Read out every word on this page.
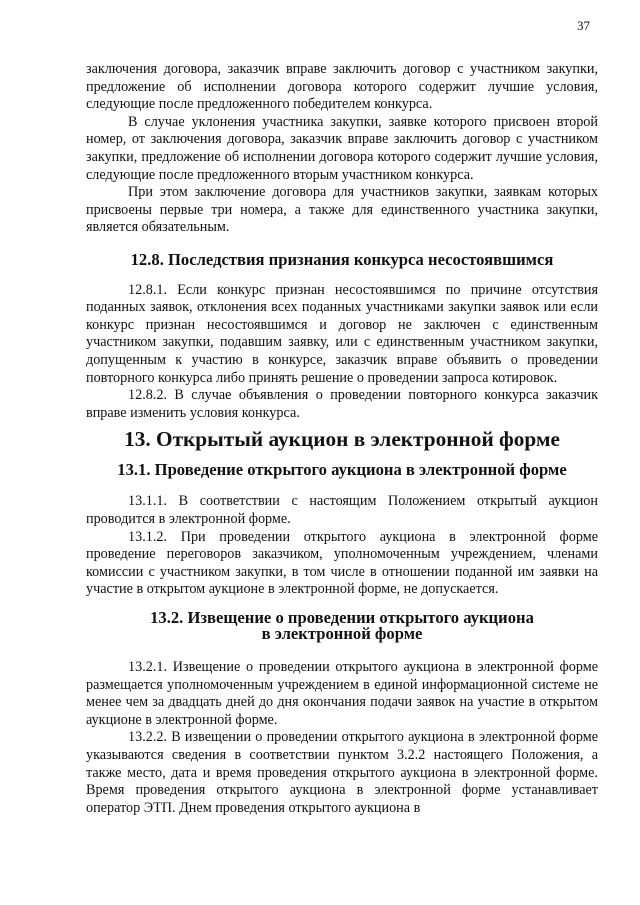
37

заключения договора, заказчик вправе заключить договор с участником закупки, предложение об исполнении договора которого содержит лучшие условия, следующие после предложенного победителем конкурса.

В случае уклонения участника закупки, заявке которого присвоен второй номер, от заключения договора, заказчик вправе заключить договор с участником закупки, предложение об исполнении договора которого содержит лучшие условия, следующие после предложенного вторым участником конкурса.

При этом заключение договора для участников закупки, заявкам которых присвоены первые три номера, а также для единственного участника закупки, является обязательным.

12.8. Последствия признания конкурса несостоявшимся

12.8.1. Если конкурс признан несостоявшимся по причине отсутствия поданных заявок, отклонения всех поданных участниками закупки заявок или если конкурс признан несостоявшимся и договор не заключен с единственным участником закупки, подавшим заявку, или с единственным участником закупки, допущенным к участию в конкурсе, заказчик вправе объявить о проведении повторного конкурса либо принять решение о проведении запроса котировок.

12.8.2. В случае объявления о проведении повторного конкурса заказчик вправе изменить условия конкурса.

13. Открытый аукцион в электронной форме
13.1. Проведение открытого аукциона в электронной форме

13.1.1. В соответствии с настоящим Положением открытый аукцион проводится в электронной форме.

13.1.2. При проведении открытого аукциона в электронной форме проведение переговоров заказчиком, уполномоченным учреждением, членами комиссии с участником закупки, в том числе в отношении поданной им заявки на участие в открытом аукционе в электронной форме, не допускается.

13.2. Извещение о проведении открытого аукциона
в электронной форме

13.2.1. Извещение о проведении открытого аукциона в электронной форме размещается уполномоченным учреждением в единой информационной системе не менее чем за двадцать дней до дня окончания подачи заявок на участие в открытом аукционе в электронной форме.

13.2.2. В извещении о проведении открытого аукциона в электронной форме указываются сведения в соответствии пунктом 3.2.2 настоящего Положения, а также место, дата и время проведения открытого аукциона в электронной форме. Время проведения открытого аукциона в электронной форме устанавливает оператор ЭТП. Днем проведения открытого аукциона в
